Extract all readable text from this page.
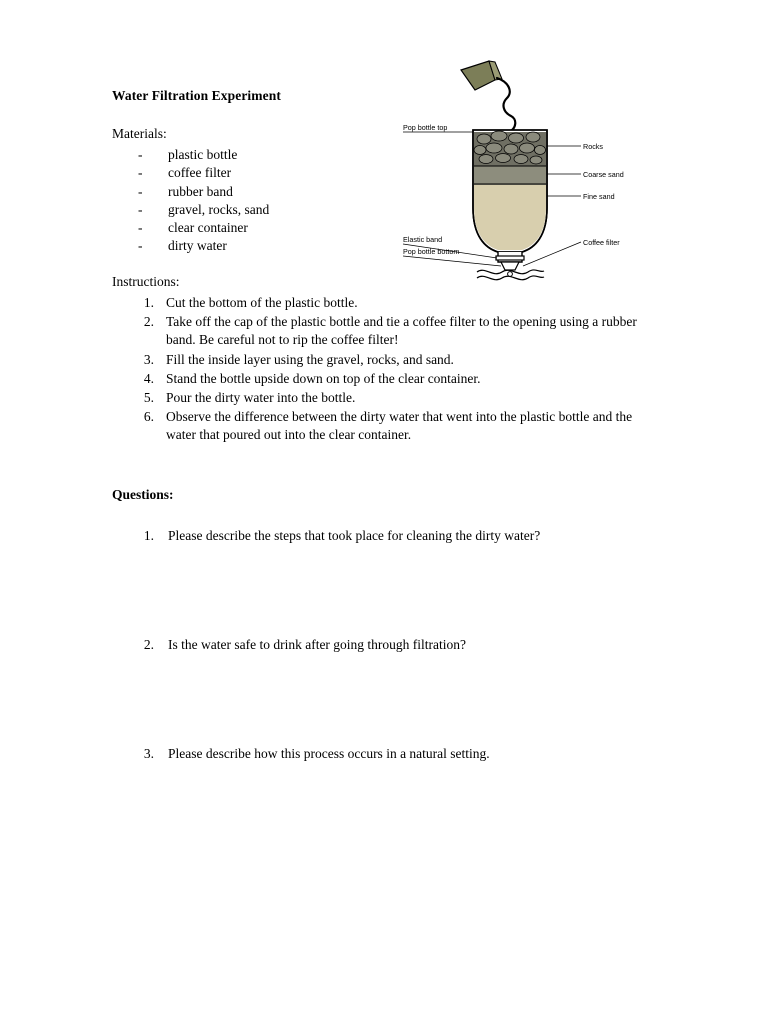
Pop bottle top
Elastic band
Pop bottle bottom
Rocks
Coarse sand
Fine sand
Coffee filter
Water Filtration Experiment

Materials:

- plastic bottle
- coffee filter
- rubber band
- gravel, rocks, sand
- clear container
- dirty water

Instructions:

Cut the bottom of the plastic bottle.
Take off the cap of the plastic bottle and tie a coffee filter to the opening using a rubber band. Be careful not to rip the coffee filter!
Fill the inside layer using the gravel, rocks, and sand.
Stand the bottle upside down on top of the clear container.
Pour the dirty water into the bottle.
Observe the difference between the dirty water that went into the plastic bottle and the water that poured out into the clear container.

Questions:

Please describe the steps that took place for cleaning the dirty water?
Is the water safe to drink after going through filtration?
Please describe how this process occurs in a natural setting.
